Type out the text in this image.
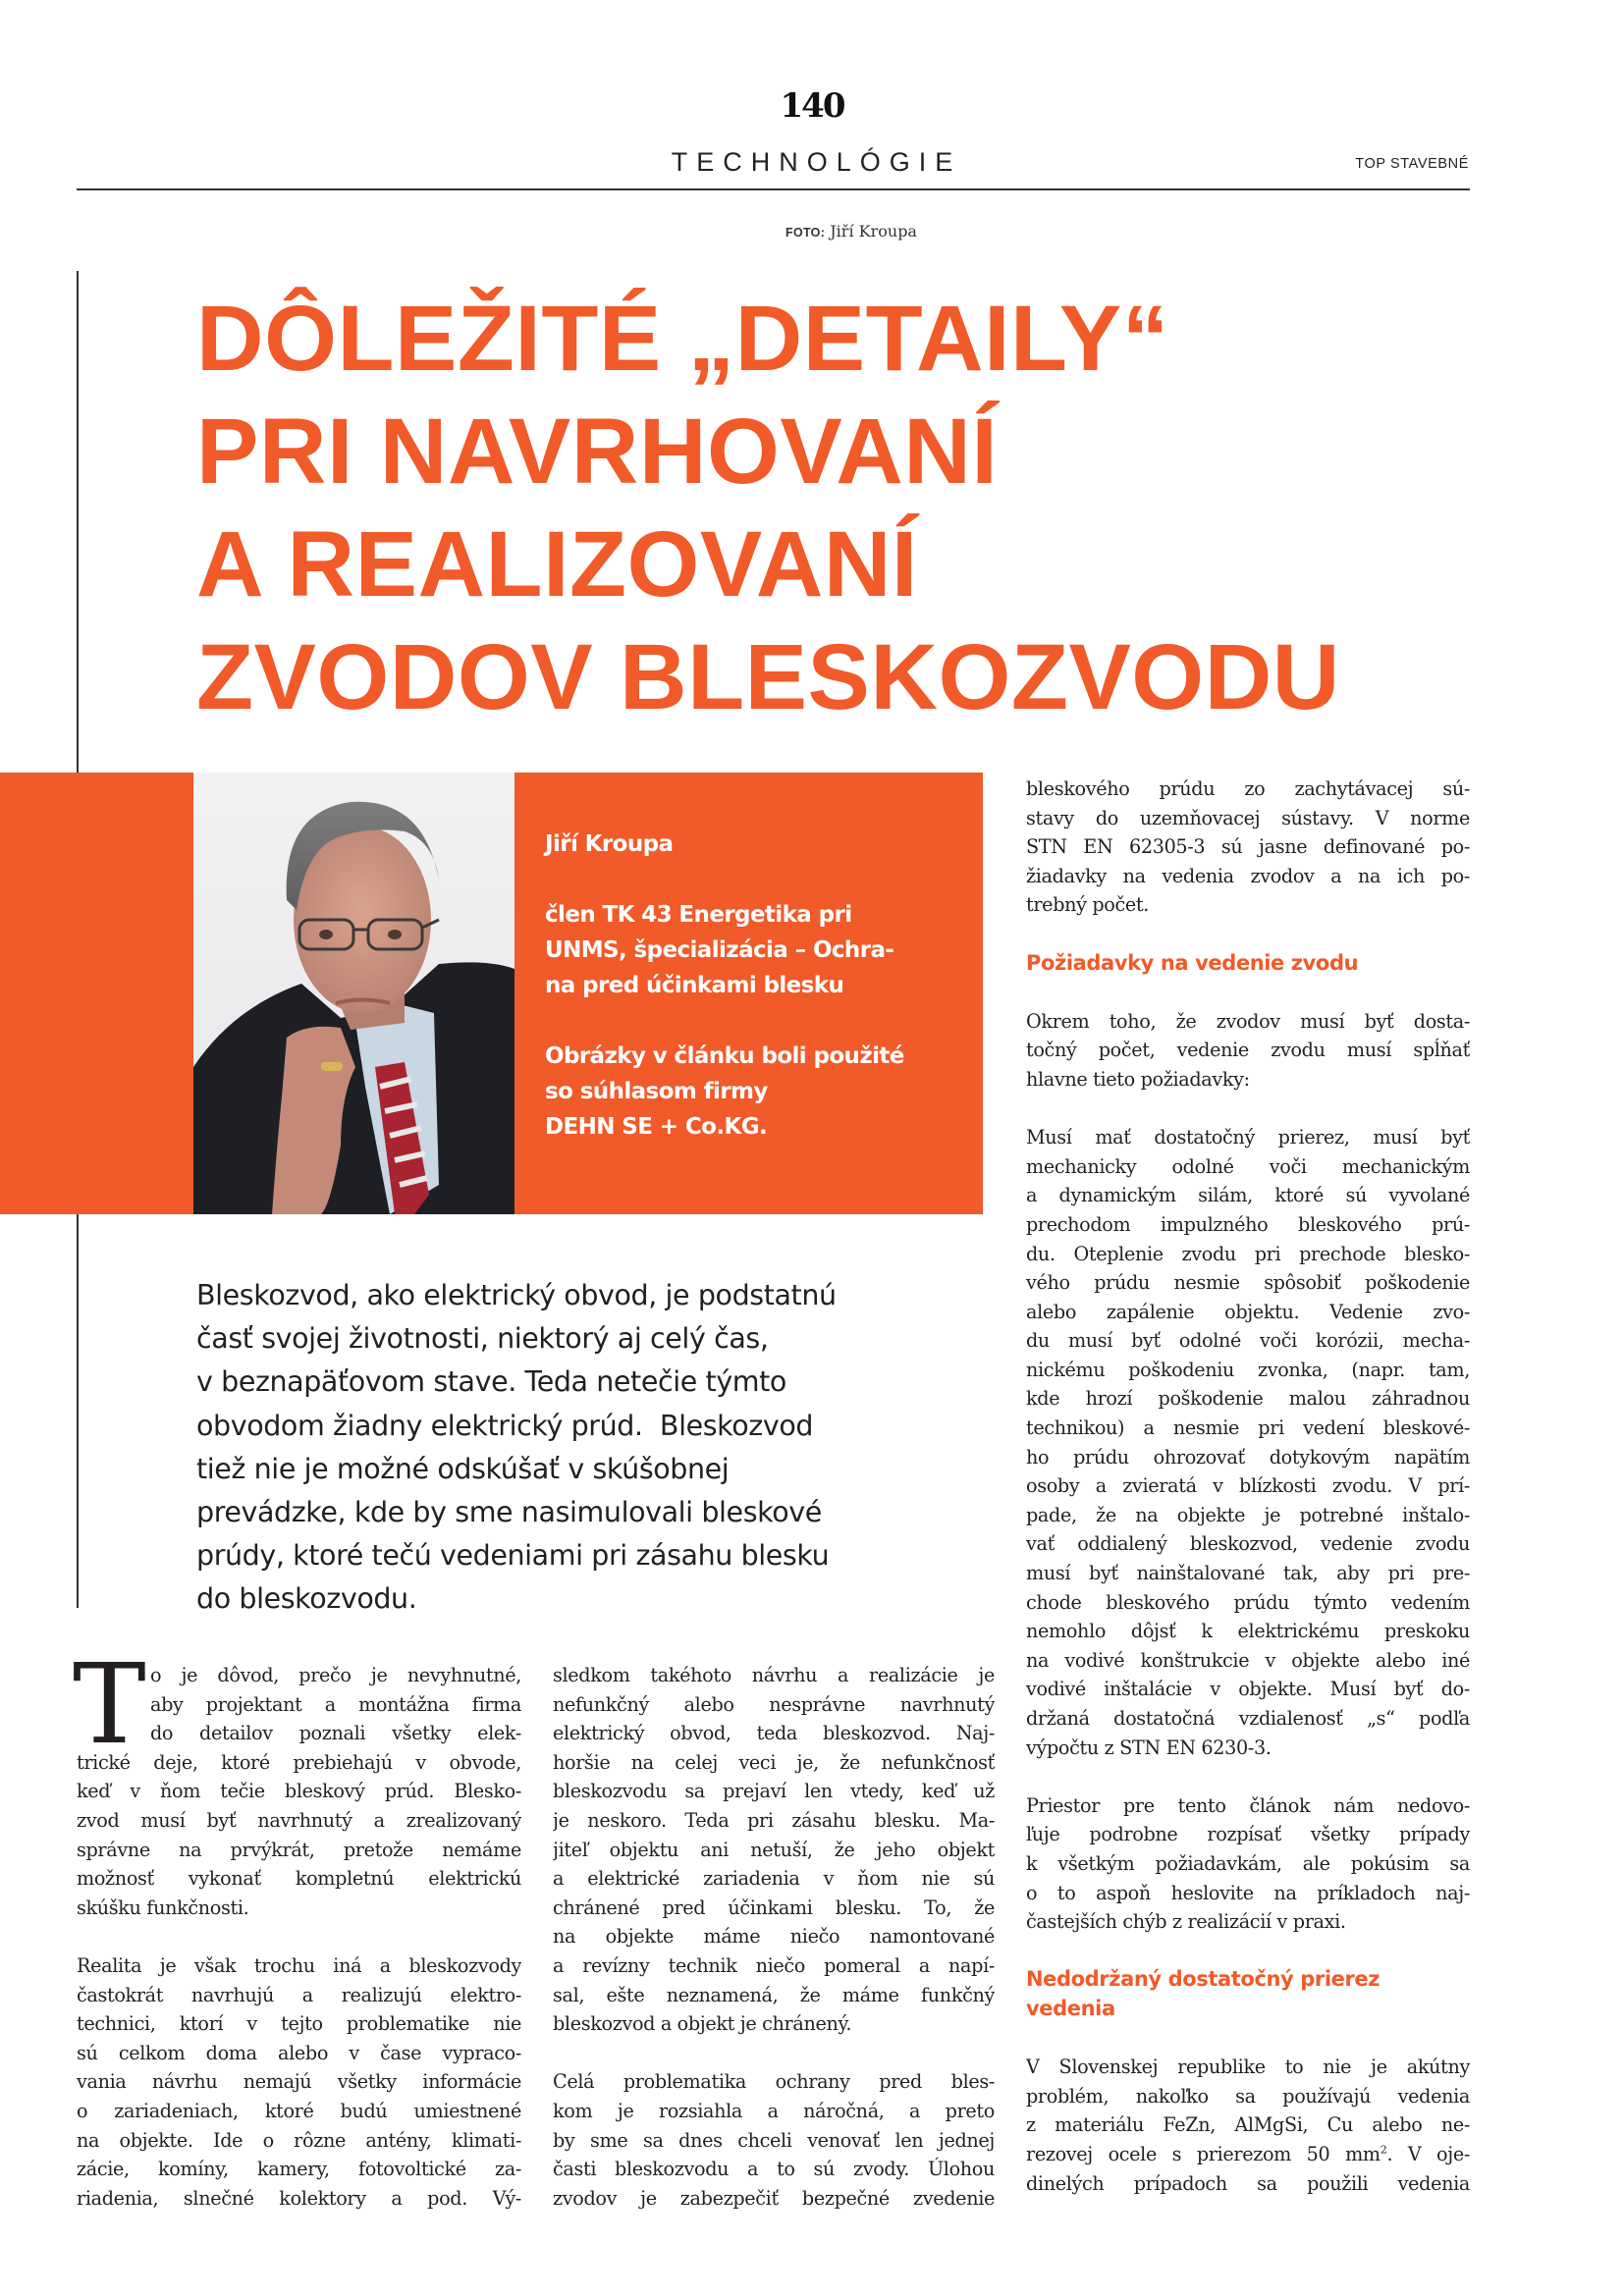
140
TECHNOLÓGIE	TOP STAVEBNÉ
FOTO: Jiří Kroupa
DÔLEŽITÉ „DETAILY“
PRI NAVRHOVANÍ
A REALIZOVANÍ
ZVODOV BLESKOZVODU

Jiří Kroupa

člen TK 43 Energetika pri
UNMS, špecializácia – Ochra-
na pred účinkami blesku

Obrázky v článku boli použité
so súhlasom firmy
DEHN SE + Co.KG.

Bleskozvod, ako elektrický obvod, je podstatnú
časť svojej životnosti, niektorý aj celý čas,
v beznapäťovom stave. Teda netečie týmto
obvodom žiadny elektrický prúd.  Bleskozvod
tiež nie je možné odskúšať v skúšobnej
prevádzke, kde by sme nasimulovali bleskové
prúdy, ktoré tečú vedeniami pri zásahu blesku
do bleskozvodu.
T o je dôvod, prečo je nevyhnutné,
aby projektant a montážna firma
do detailov poznali všetky elek-
trické deje, ktoré prebiehajú v obvode,
keď v ňom tečie bleskový prúd. Blesko-
zvod musí byť navrhnutý a zrealizovaný
správne na prvýkrát, pretože nemáme
možnosť vykonať kompletnú elektrickú
skúšku funkčnosti.
Realita je však trochu iná a bleskozvody
častokrát navrhujú a realizujú elektro-
technici, ktorí v tejto problematike nie
sú celkom doma alebo v čase vypraco-
vania návrhu nemajú všetky informácie
o zariadeniach, ktoré budú umiestnené
na objekte. Ide o rôzne antény, klimati-
zácie, komíny, kamery, fotovoltické za-
riadenia, slnečné kolektory a pod. Vý-
sledkom takéhoto návrhu a realizácie je
nefunkčný alebo nesprávne navrhnutý
elektrický obvod, teda bleskozvod. Naj-
horšie na celej veci je, že nefunkčnosť
bleskozvodu sa prejaví len vtedy, keď už
je neskoro. Teda pri zásahu blesku. Ma-
jiteľ objektu ani netuší, že jeho objekt
a elektrické zariadenia v ňom nie sú
chránené pred účinkami blesku. To, že
na objekte máme niečo namontované
a revízny technik niečo pomeral a napí-
sal, ešte neznamená, že máme funkčný
bleskozvod a objekt je chránený.
Celá problematika ochrany pred bles-
kom je rozsiahla a náročná, a preto
by sme sa dnes chceli venovať len jednej
časti bleskozvodu a to sú zvody. Úlohou
zvodov je zabezpečiť bezpečné zvedenie
bleskového prúdu zo zachytávacej sú-
stavy do uzemňovacej sústavy. V norme
STN EN 62305-3 sú jasne definované po-
žiadavky na vedenia zvodov a na ich po-
trebný počet.
Požiadavky na vedenie zvodu
Okrem toho, že zvodov musí byť dosta-
točný počet, vedenie zvodu musí spĺňať
hlavne tieto požiadavky:
Musí mať dostatočný prierez, musí byť
mechanicky odolné voči mechanickým
a dynamickým silám, ktoré sú vyvolané
prechodom impulzného bleskového prú-
du. Oteplenie zvodu pri prechode blesko-
vého prúdu nesmie spôsobiť poškodenie
alebo zapálenie objektu. Vedenie zvo-
du musí byť odolné voči korózii, mecha-
nickému poškodeniu zvonka, (napr. tam,
kde hrozí poškodenie malou záhradnou
technikou) a nesmie pri vedení bleskové-
ho prúdu ohrozovať dotykovým napätím
osoby a zvieratá v blízkosti zvodu. V prí-
pade, že na objekte je potrebné inštalo-
vať oddialený bleskozvod, vedenie zvodu
musí byť nainštalované tak, aby pri pre-
chode bleskového prúdu týmto vedením
nemohlo dôjsť k elektrickému preskoku
na vodivé konštrukcie v objekte alebo iné
vodivé inštalácie v objekte. Musí byť do-
držaná dostatočná vzdialenosť „s“ podľa
výpočtu z STN EN 6230-3.
Priestor pre tento článok nám nedovo-
ľuje podrobne rozpísať všetky prípady
k všetkým požiadavkám, ale pokúsim sa
o to aspoň heslovite na príkladoch naj-
častejších chýb z realizácií v praxi.
Nedodržaný dostatočný prierez
vedenia
V Slovenskej republike to nie je akútny
problém, nakoľko sa používajú vedenia
z materiálu FeZn, AlMgSi, Cu alebo ne-
rezovej ocele s prierezom 50 $mm^2$. V oje-
dinelých prípadoch sa použili vedenia
